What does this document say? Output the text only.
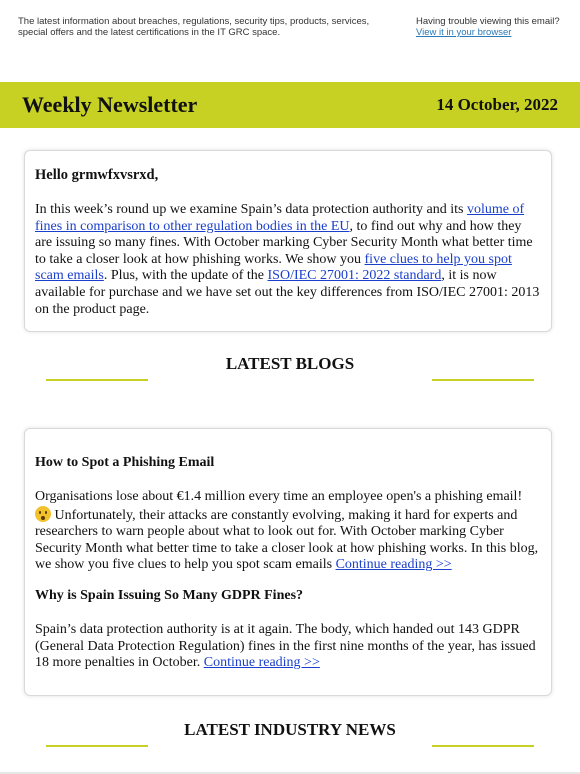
The latest information about breaches, regulations, security tips, products, services, special offers and the latest certifications in the IT GRC space.
Having trouble viewing this email?
View it in your browser
Weekly Newsletter	14 October, 2022
Hello grmwfxvsrxd,
In this week’s round up we examine Spain’s data protection authority and its volume of fines in comparison to other regulation bodies in the EU, to find out why and how they are issuing so many fines. With October marking Cyber Security Month what better time to take a closer look at how phishing works. We show you five clues to help you spot scam emails. Plus, with the update of the ISO/IEC 27001: 2022 standard, it is now available for purchase and we have set out the key differences from ISO/IEC 27001: 2013 on the product page.
LATEST BLOGS
How to Spot a Phishing Email
Organisations lose about €1.4 million every time an employee open's a phishing email!  Unfortunately, their attacks are constantly evolving, making it hard for experts and researchers to warn people about what to look out for. With October marking Cyber Security Month what better time to take a closer look at how phishing works. In this blog, we show you five clues to help you spot scam emails Continue reading >>
Why is Spain Issuing So Many GDPR Fines?
Spain’s data protection authority is at it again. The body, which handed out 143 GDPR (General Data Protection Regulation) fines in the first nine months of the year, has issued 18 more penalties in October. Continue reading >>
LATEST INDUSTRY NEWS
